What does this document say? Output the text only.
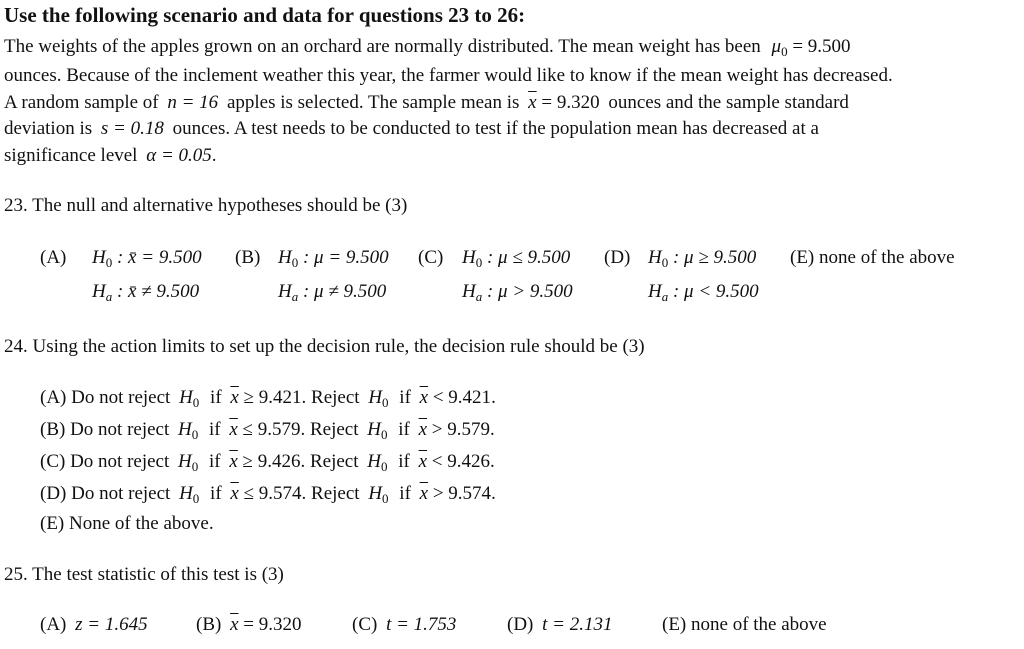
Use the following scenario and data for questions 23 to 26:
The weights of the apples grown on an orchard are normally distributed. The mean weight has been $\mu_0 = 9.500$
ounces. Because of the inclement weather this year, the farmer would like to know if the mean weight has decreased.
A random sample of n = 16 apples is selected. The sample mean is $\overline{x} = 9.320$ ounces and the sample standard
deviation is s = 0.18 ounces. A test needs to be conducted to test if the population mean has decreased at a
significance level α = 0.05.
23. The null and alternative hypotheses should be (3)
(A) $H_0$ : x̄ = 9.500
$H_a$ : x̄ ≠ 9.500
(B) $H_0$ : μ = 9.500
$H_a$ : μ ≠ 9.500
(C) $H_0$ : μ ≤ 9.500
$H_a$ : μ > 9.500
(D) $H_0$ : μ ≥ 9.500
$H_a$ : μ < 9.500
(E) none of the above
24. Using the action limits to set up the decision rule, the decision rule should be (3)
(A) Do not reject $H_0$ if $\overline{x} \ge 9.421$. Reject $H_0$ if $\overline{x} < 9.421$.
(B) Do not reject $H_0$ if $\overline{x} \le 9.579$. Reject $H_0$ if $\overline{x} > 9.579$.
(C) Do not reject $H_0$ if $\overline{x} \ge 9.426$. Reject $H_0$ if $\overline{x} < 9.426$.
(D) Do not reject $H_0$ if $\overline{x} \le 9.574$. Reject $H_0$ if $\overline{x} > 9.574$.
(E) None of the above.
25. The test statistic of this test is (3)
(A) z = 1.645	(B) $\overline{x} = 9.320$	(C) t = 1.753	(D) t = 2.131	(E) none of the above
